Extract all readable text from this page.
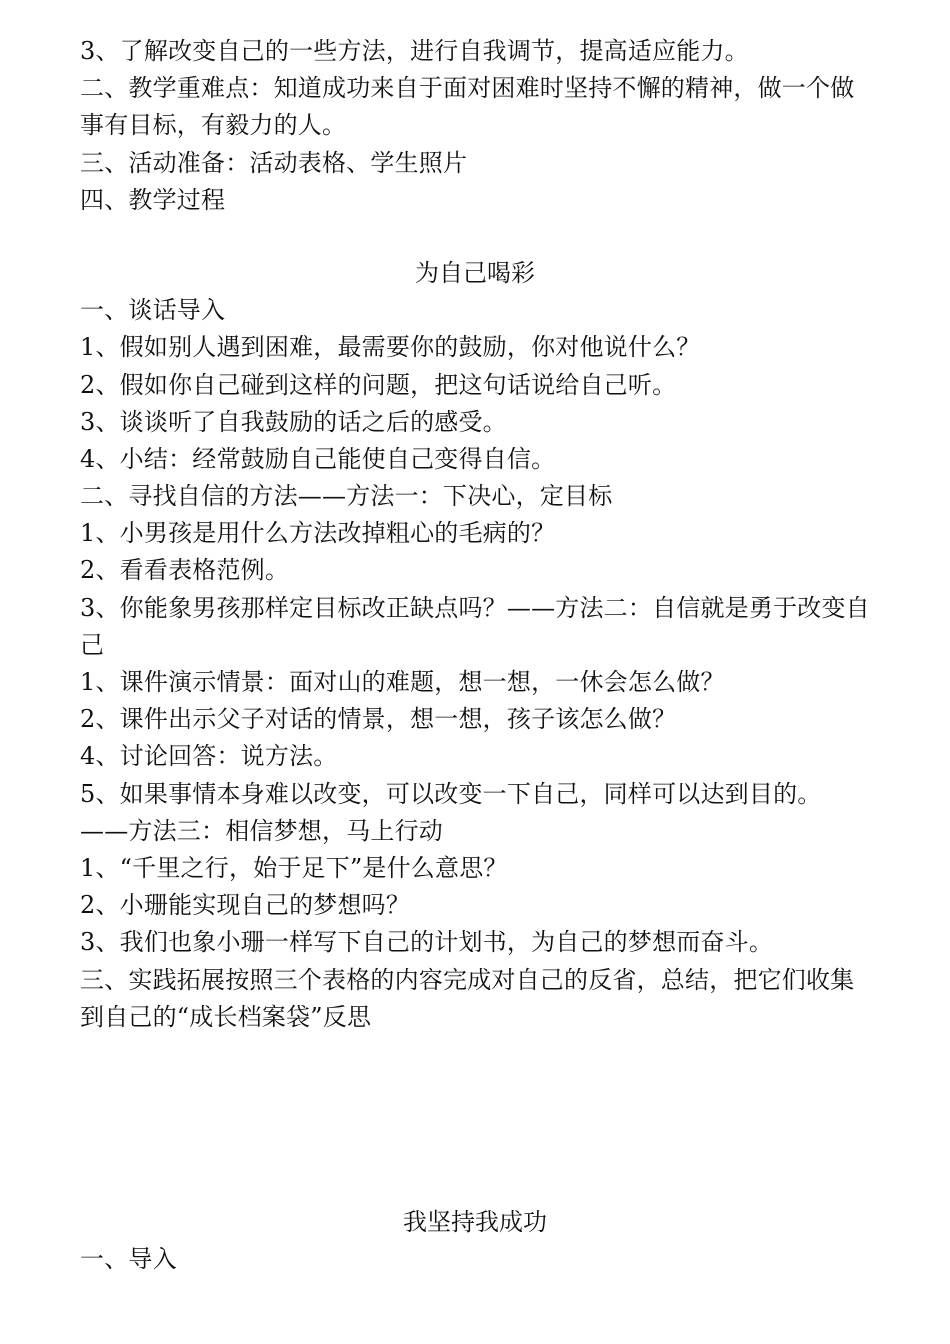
3、了解改变自己的一些方法，进行自我调节，提高适应能力。
二、教学重难点：知道成功来自于面对困难时坚持不懈的精神，做一个做事有目标，有毅力的人。
三、活动准备：活动表格、学生照片
四、教学过程
为自己喝彩
一、谈话导入
1、假如别人遇到困难，最需要你的鼓励，你对他说什么？
2、假如你自己碰到这样的问题，把这句话说给自己听。
3、谈谈听了自我鼓励的话之后的感受。
4、小结：经常鼓励自己能使自己变得自信。
二、寻找自信的方法——方法一：下决心，定目标
1、小男孩是用什么方法改掉粗心的毛病的？
2、看看表格范例。
3、你能象男孩那样定目标改正缺点吗？——方法二：自信就是勇于改变自己
1、课件演示情景：面对山的难题，想一想，一休会怎么做？
2、课件出示父子对话的情景，想一想，孩子该怎么做？
4、讨论回答：说方法。
5、如果事情本身难以改变，可以改变一下自己，同样可以达到目的。
——方法三：相信梦想，马上行动
1、“千里之行，始于足下”是什么意思？
2、小珊能实现自己的梦想吗？
3、我们也象小珊一样写下自己的计划书，为自己的梦想而奋斗。
三、实践拓展按照三个表格的内容完成对自己的反省，总结，把它们收集到自己的“成长档案袋”反思
我坚持我成功
一、导入
